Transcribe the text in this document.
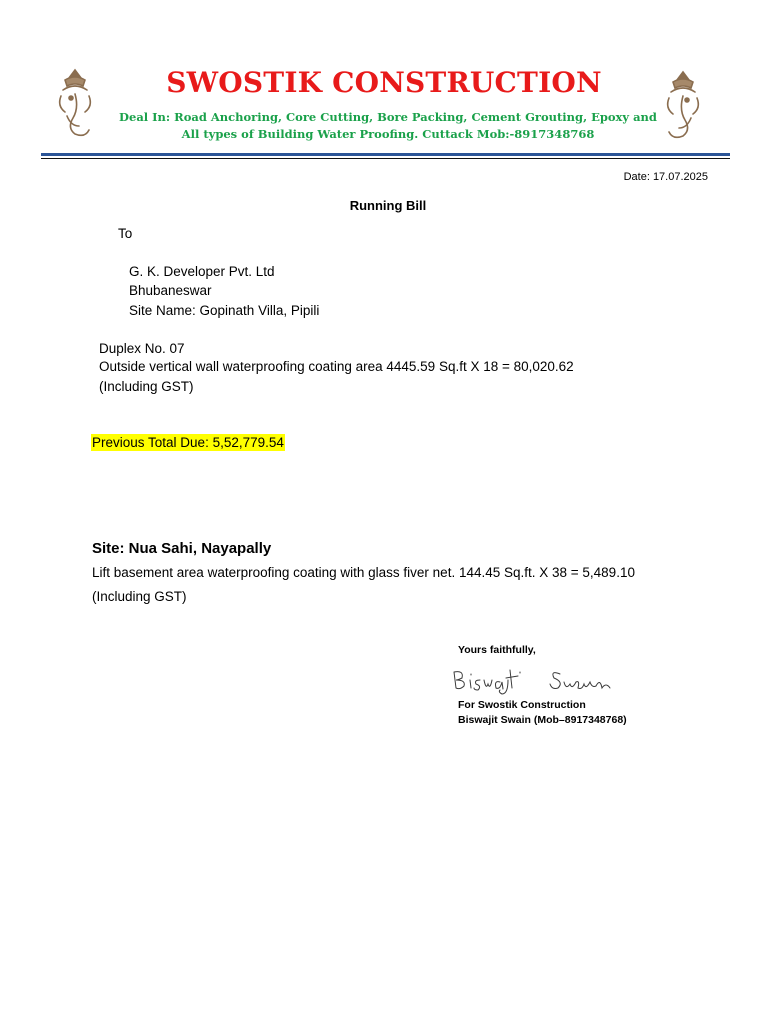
SWOSTIK CONSTRUCTION
Deal In: Road Anchoring, Core Cutting, Bore Packing, Cement Grouting, Epoxy and
All types of Building Water Proofing. Cuttack Mob:-8917348768
Date: 17.07.2025
Running Bill
To
G. K. Developer Pvt. Ltd
Bhubaneswar
Site Name: Gopinath Villa, Pipili
Duplex No. 07
Outside vertical wall waterproofing coating area 4445.59 Sq.ft X 18 = 80,020.62
(Including GST)
Previous Total Due: 5,52,779.54
Site: Nua Sahi, Nayapally
Lift basement area waterproofing coating with glass fiver net. 144.45 Sq.ft. X 38 = 5,489.10
(Including GST)
Yours faithfully,
For Swostik Construction
Biswajit Swain (Mob–8917348768)
